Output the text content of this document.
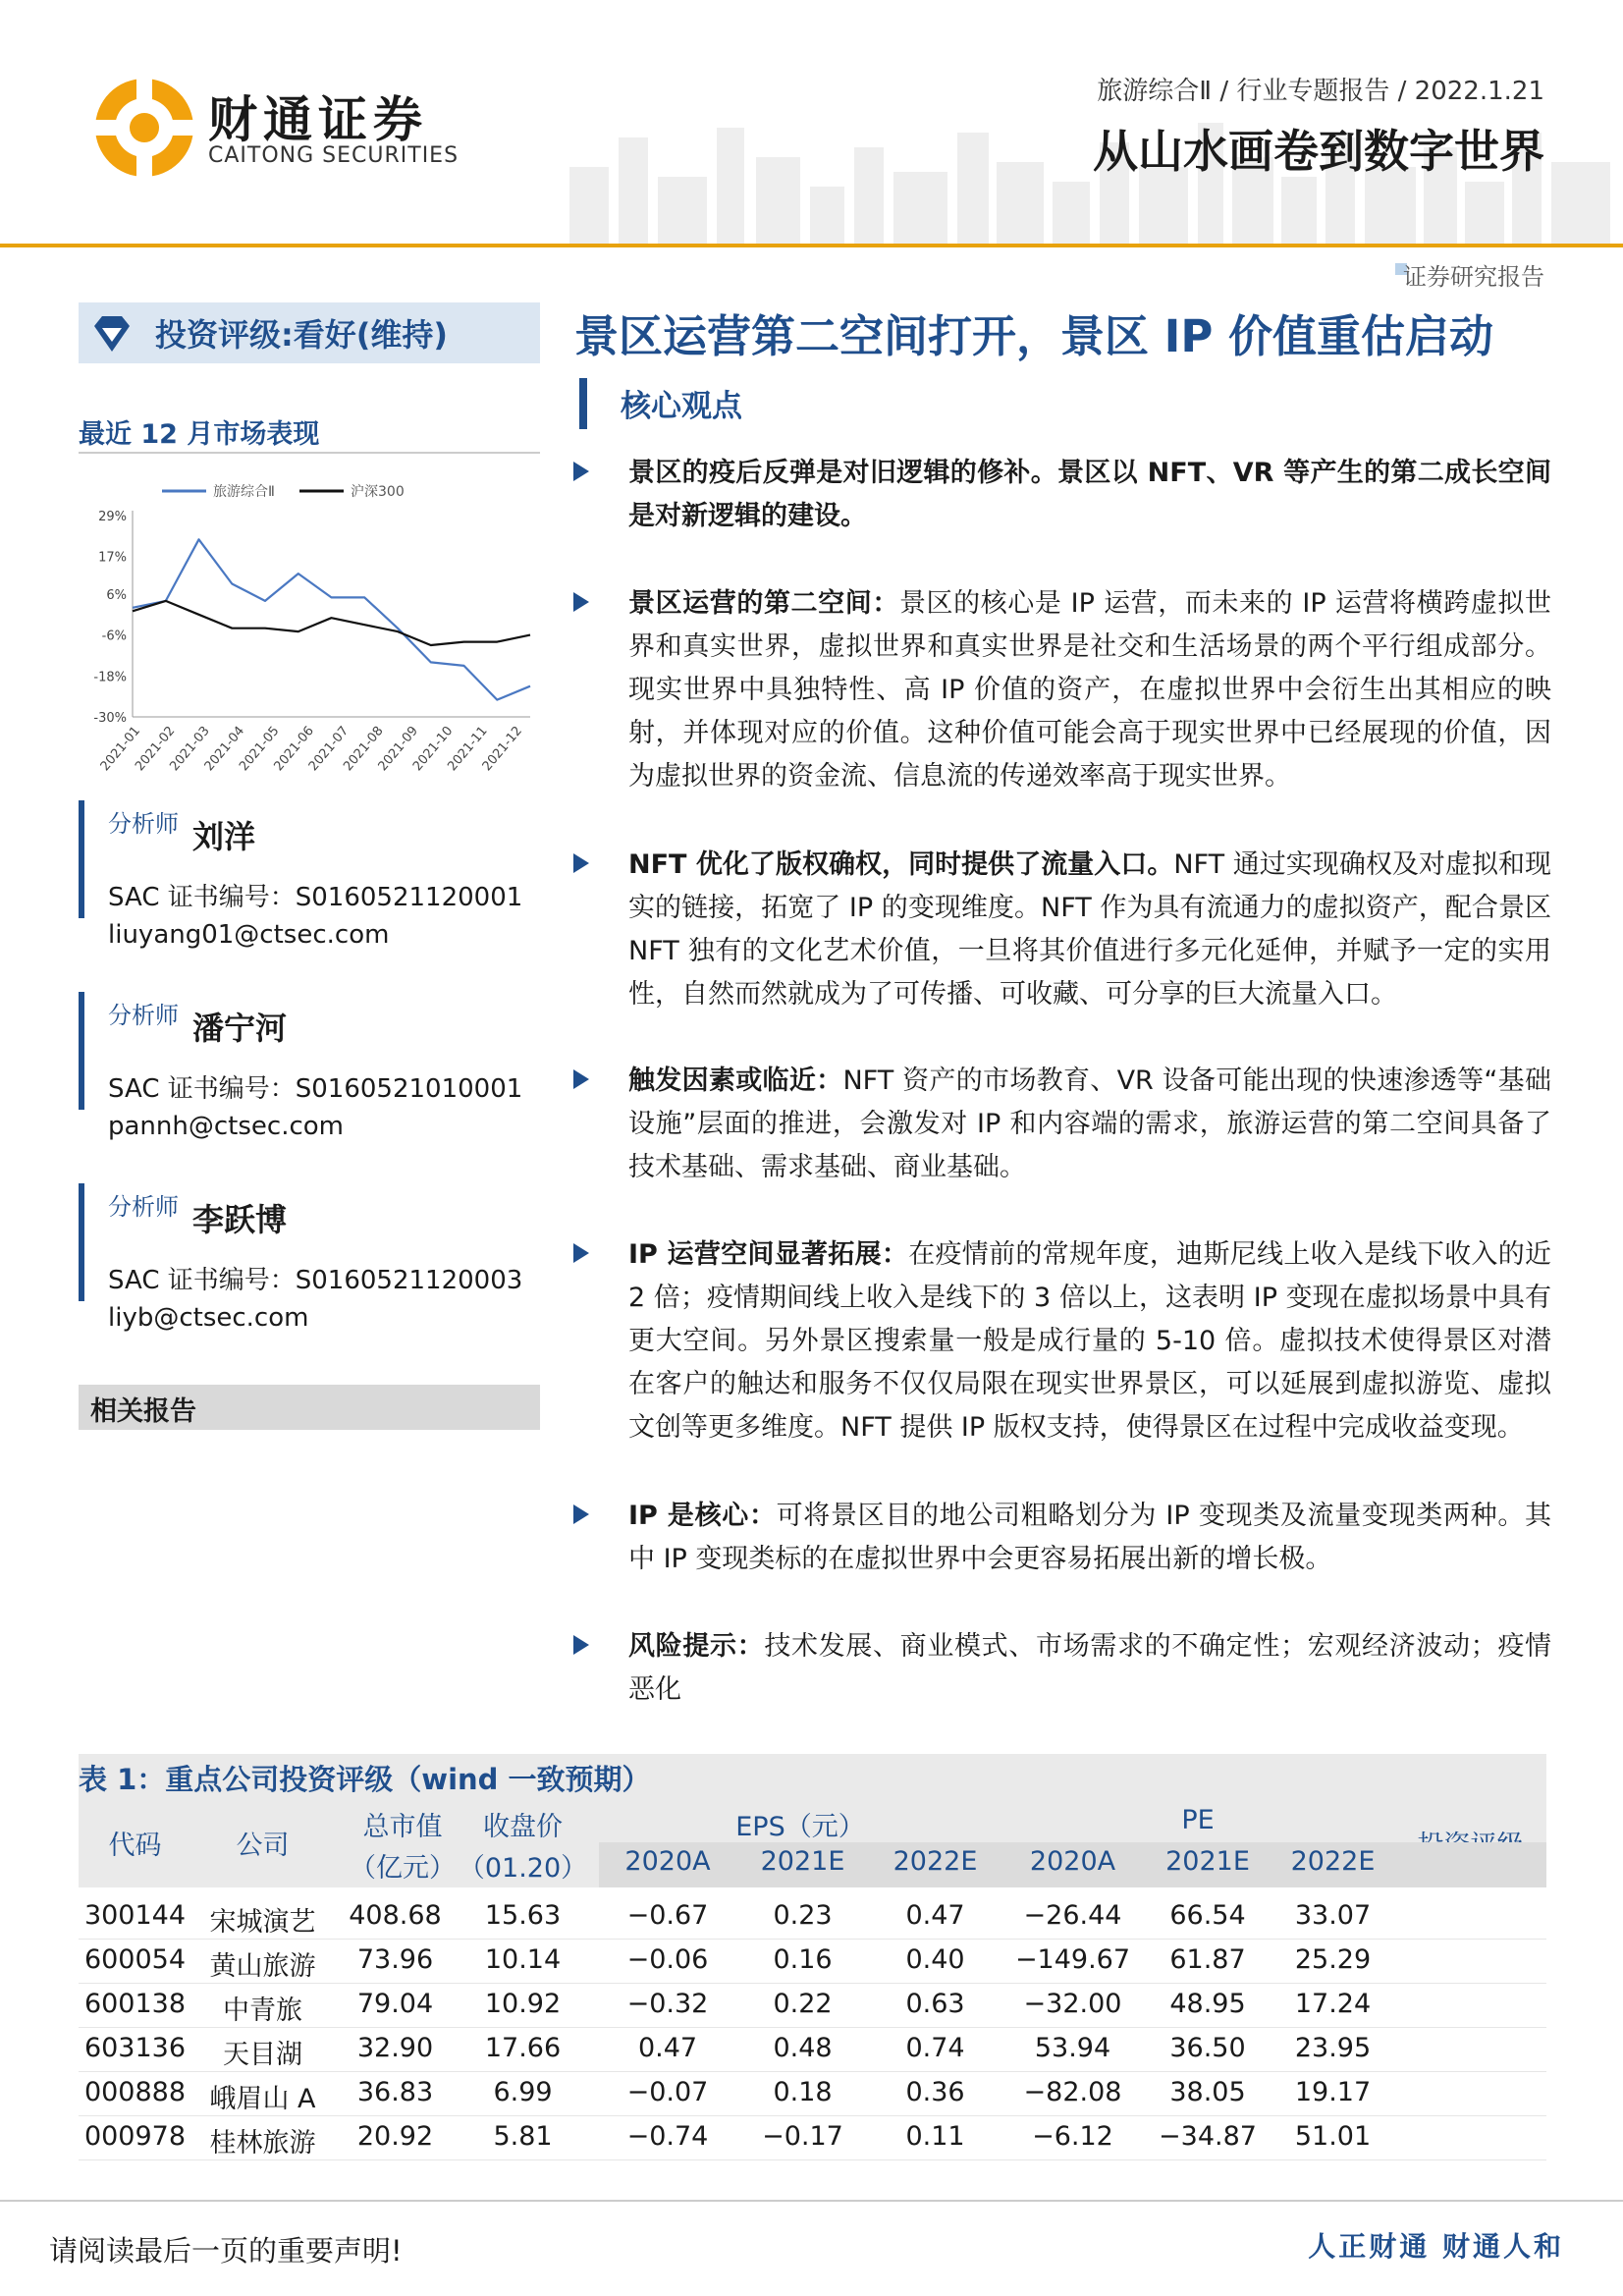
财通证券
CAITONG SECURITIES
旅游综合Ⅱ / 行业专题报告 / 2022.1.21
从山水画卷到数字世界
证券研究报告
投资评级:看好(维持)
最近 12 月市场表现
旅游综合Ⅱ	沪深300
29%
17%
6%
-6%
-18%
-30%
2021-01
2021-02
2021-03
2021-04
2021-05
2021-06
2021-07
2021-08
2021-09
2021-10
2021-11
2021-12
分析师 刘洋
SAC 证书编号：S0160521120001
liuyang01@ctsec.com
分析师 潘宁河
SAC 证书编号：S0160521010001
pannh@ctsec.com
分析师 李跃博
SAC 证书编号：S0160521120003
liyb@ctsec.com
相关报告
景区运营第二空间打开，景区 IP 价值重估启动
核心观点
景区的疫后反弹是对旧逻辑的修补。景区以 NFT、VR 等产生的第二成长空间是对新逻辑的建设。
景区运营的第二空间：景区的核心是 IP 运营，而未来的 IP 运营将横跨虚拟世界和真实世界，虚拟世界和真实世界是社交和生活场景的两个平行组成部分。现实世界中具独特性、高 IP 价值的资产，在虚拟世界中会衍生出其相应的映射，并体现对应的价值。这种价值可能会高于现实世界中已经展现的价值，因为虚拟世界的资金流、信息流的传递效率高于现实世界。
NFT 优化了版权确权，同时提供了流量入口。NFT 通过实现确权及对虚拟和现实的链接，拓宽了 IP 的变现维度。NFT 作为具有流通力的虚拟资产，配合景区 NFT 独有的文化艺术价值，一旦将其价值进行多元化延伸，并赋予一定的实用性，自然而然就成为了可传播、可收藏、可分享的巨大流量入口。
触发因素或临近：NFT 资产的市场教育、VR 设备可能出现的快速渗透等“基础设施”层面的推进，会激发对 IP 和内容端的需求，旅游运营的第二空间具备了技术基础、需求基础、商业基础。
IP 运营空间显著拓展：在疫情前的常规年度，迪斯尼线上收入是线下收入的近 2 倍；疫情期间线上收入是线下的 3 倍以上，这表明 IP 变现在虚拟场景中具有更大空间。另外景区搜索量一般是成行量的 5-10 倍。虚拟技术使得景区对潜在客户的触达和服务不仅仅局限在现实世界景区，可以延展到虚拟游览、虚拟文创等更多维度。NFT 提供 IP 版权支持，使得景区在过程中完成收益变现。
IP 是核心：可将景区目的地公司粗略划分为 IP 变现类及流量变现类两种。其中 IP 变现类标的在虚拟世界中会更容易拓展出新的增长极。
风险提示：技术发展、商业模式、市场需求的不确定性；宏观经济波动；疫情恶化
表 1：重点公司投资评级（wind 一致预期）
代码	公司
总市值
（亿元）
收盘价
（01.20）
EPS（元）	PE
2020A	2021E	2022E	2020A	2021E	2022E
300144 宋城演艺	408.68	15.63	−0.67	0.23	0.47	−26.44	66.54	33.07
600054 黄山旅游	73.96	10.14	−0.06	0.16	0.40	−149.67	61.87	25.29
600138	中青旅	79.04	10.92	−0.32	0.22	0.63	−32.00	48.95	17.24
603136	天目湖	32.90	17.66	0.47	0.48	0.74	53.94	36.50	23.95
000888 峨眉山 A	36.83	6.99	−0.07	0.18	0.36	−82.08	38.05	19.17
000978 桂林旅游	20.92	5.81	−0.74	−0.17	0.11	−6.12	−34.87	51.01
请阅读最后一页的重要声明!	人正财通 财通人和
